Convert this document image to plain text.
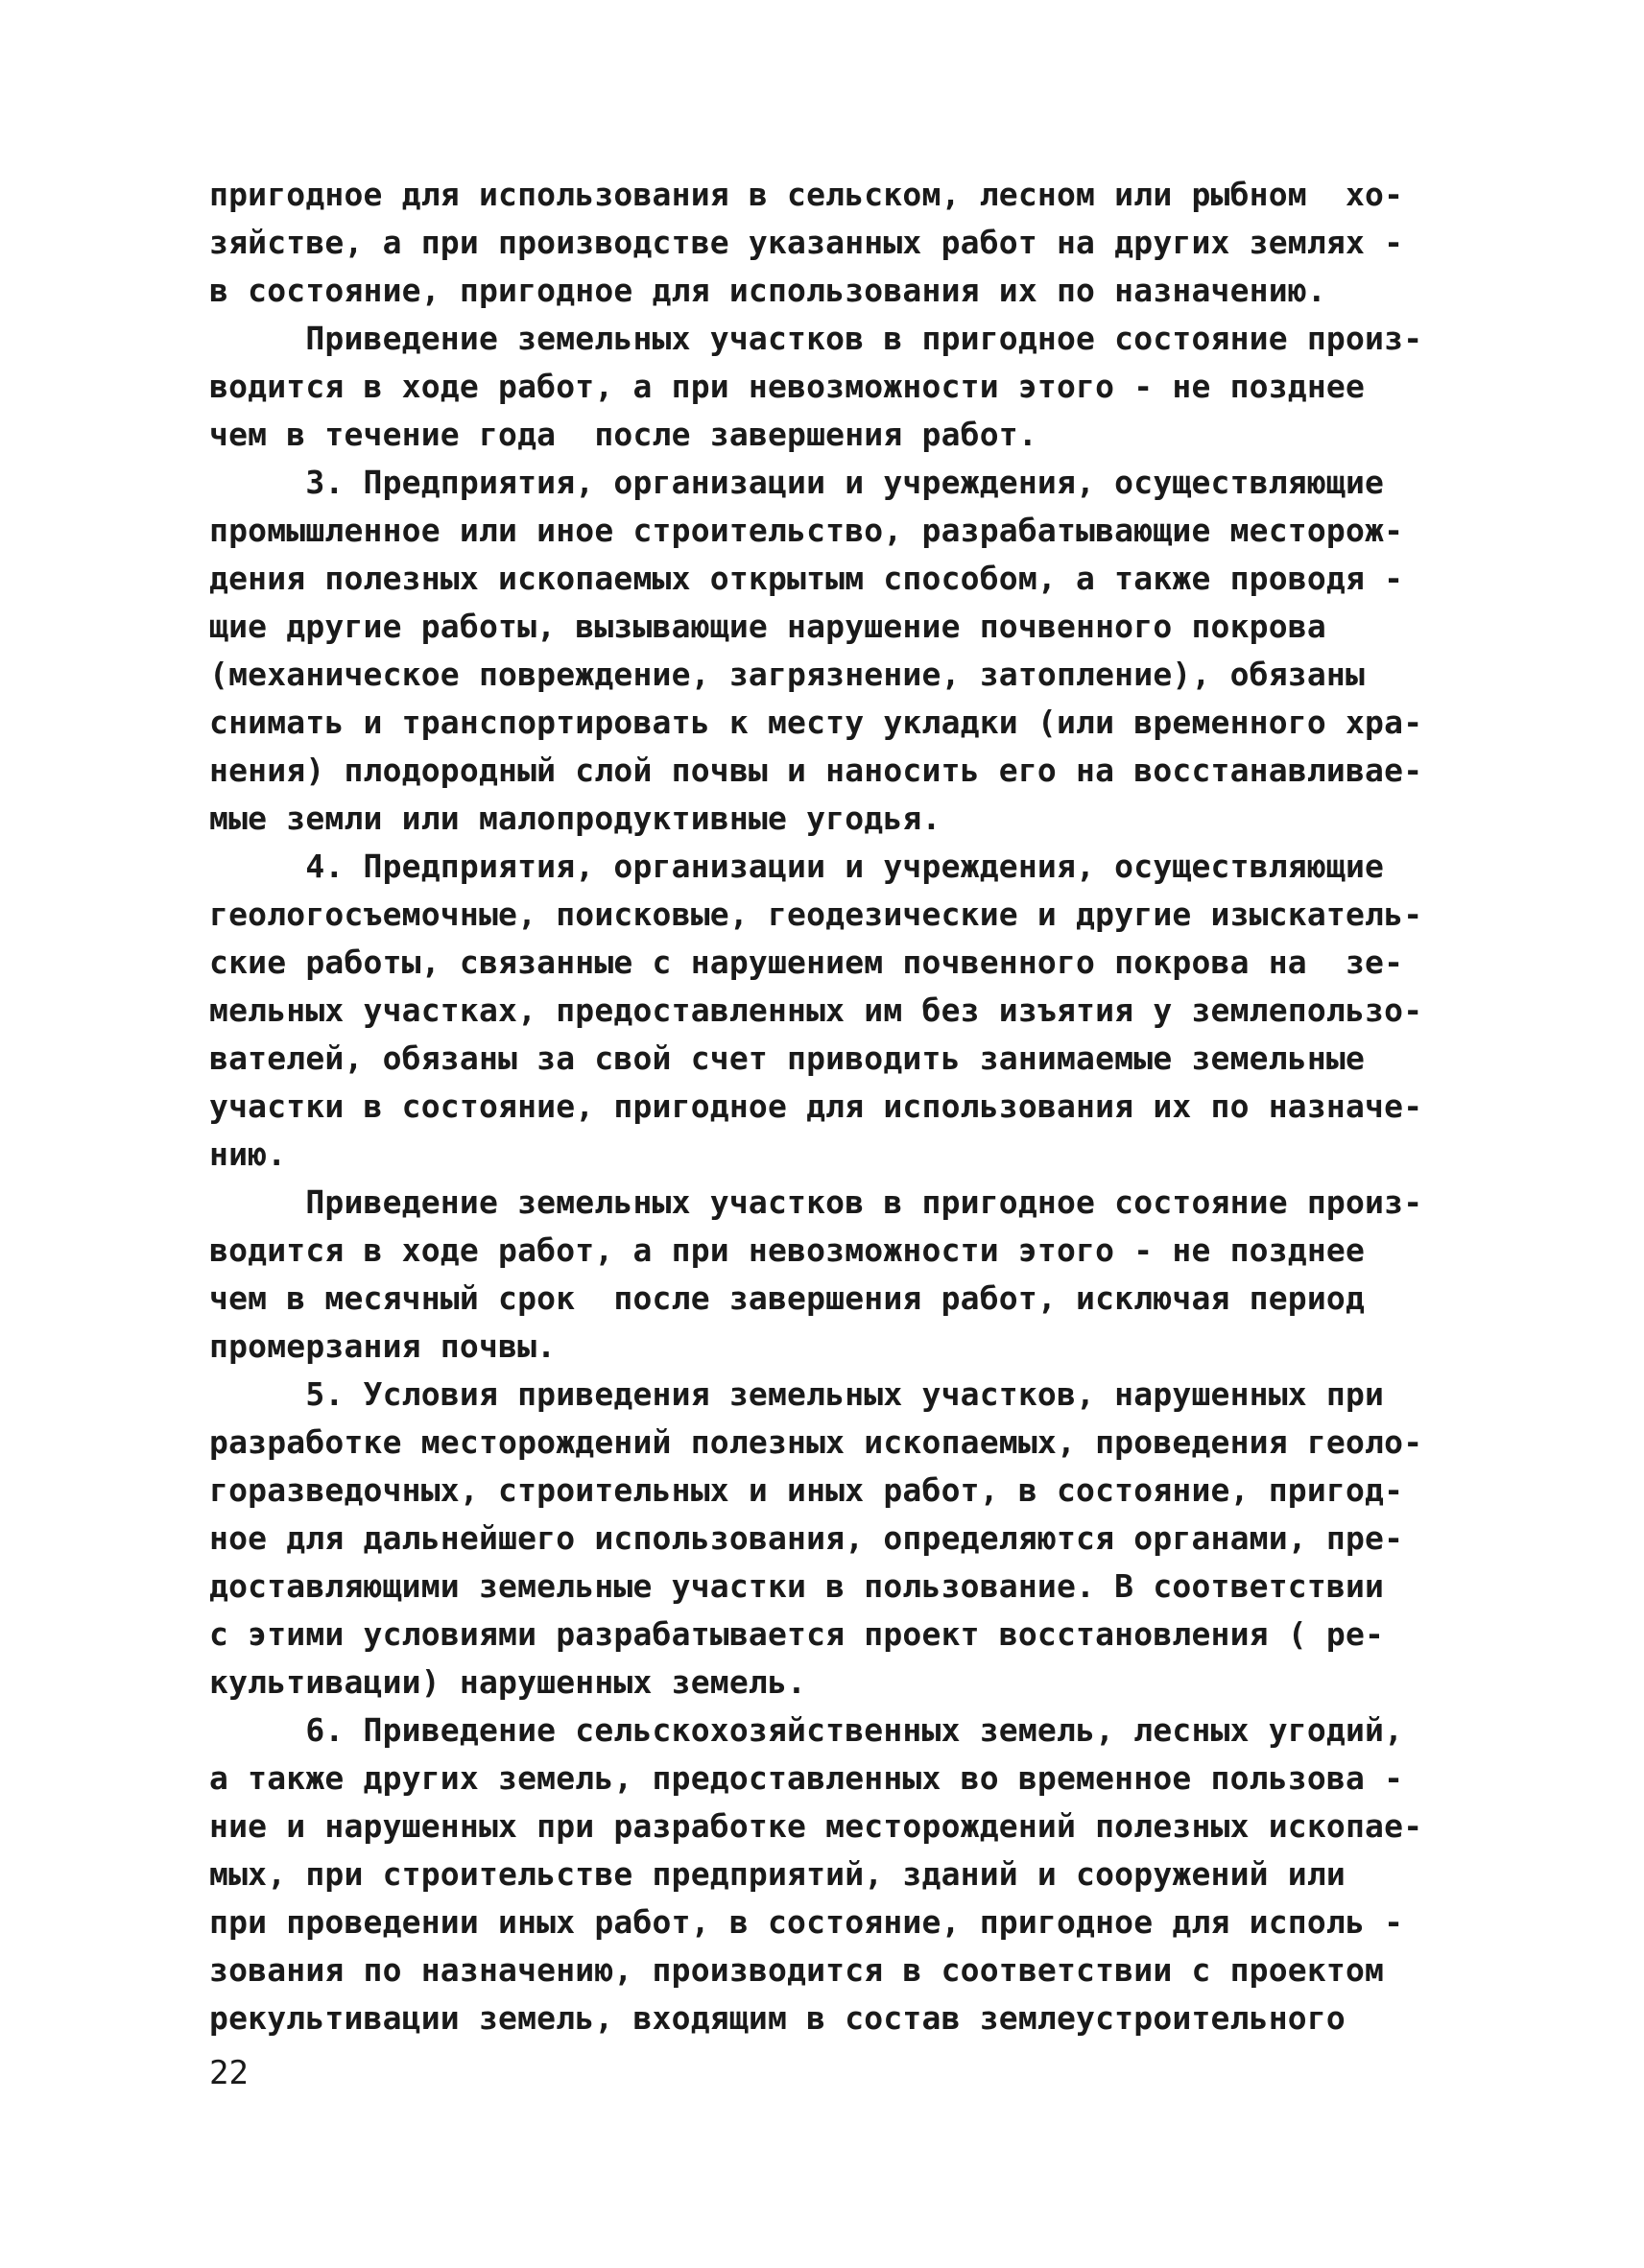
пригодное для использования в сельском, лесном или рыбном  хо-
зяйстве, а при производстве указанных работ на других землях -
в состояние, пригодное для использования их по назначению.
Приведение земельных участков в пригодное состояние произ-
водится в ходе работ, а при невозможности этого - не позднее
чем в течение года  после завершения работ.
3. Предприятия, организации и учреждения, осуществляющие
промышленное или иное строительство, разрабатывающие месторож-
дения полезных ископаемых открытым способом, а также проводя -
щие другие работы, вызывающие нарушение почвенного покрова
(механическое повреждение, загрязнение, затопление), обязаны
снимать и транспортировать к месту укладки (или временного хра-
нения) плодородный слой почвы и наносить его на восстанавливае-
мые земли или малопродуктивные угодья.
4. Предприятия, организации и учреждения, осуществляющие
геологосъемочные, поисковые, геодезические и другие изыскатель-
ские работы, связанные с нарушением почвенного покрова на  зе-
мельных участках, предоставленных им без изъятия у землепользо-
вателей, обязаны за свой счет приводить занимаемые земельные
участки в состояние, пригодное для использования их по назначе-
нию.
Приведение земельных участков в пригодное состояние произ-
водится в ходе работ, а при невозможности этого - не позднее
чем в месячный срок  после завершения работ, исключая период
промерзания почвы.
5. Условия приведения земельных участков, нарушенных при
разработке месторождений полезных ископаемых, проведения геоло-
горазведочных, строительных и иных работ, в состояние, пригод-
ное для дальнейшего использования, определяются органами, пре-
доставляющими земельные участки в пользование. В соответствии
с этими условиями разрабатывается проект восстановления ( ре-
культивации) нарушенных земель.
6. Приведение сельскохозяйственных земель, лесных угодий,
а также других земель, предоставленных во временное пользова -
ние и нарушенных при разработке месторождений полезных ископае-
мых, при строительстве предприятий, зданий и сооружений или
при проведении иных работ, в состояние, пригодное для исполь -
зования по назначению, производится в соответствии с проектом
рекультивации земель, входящим в состав землеустроительного
22
